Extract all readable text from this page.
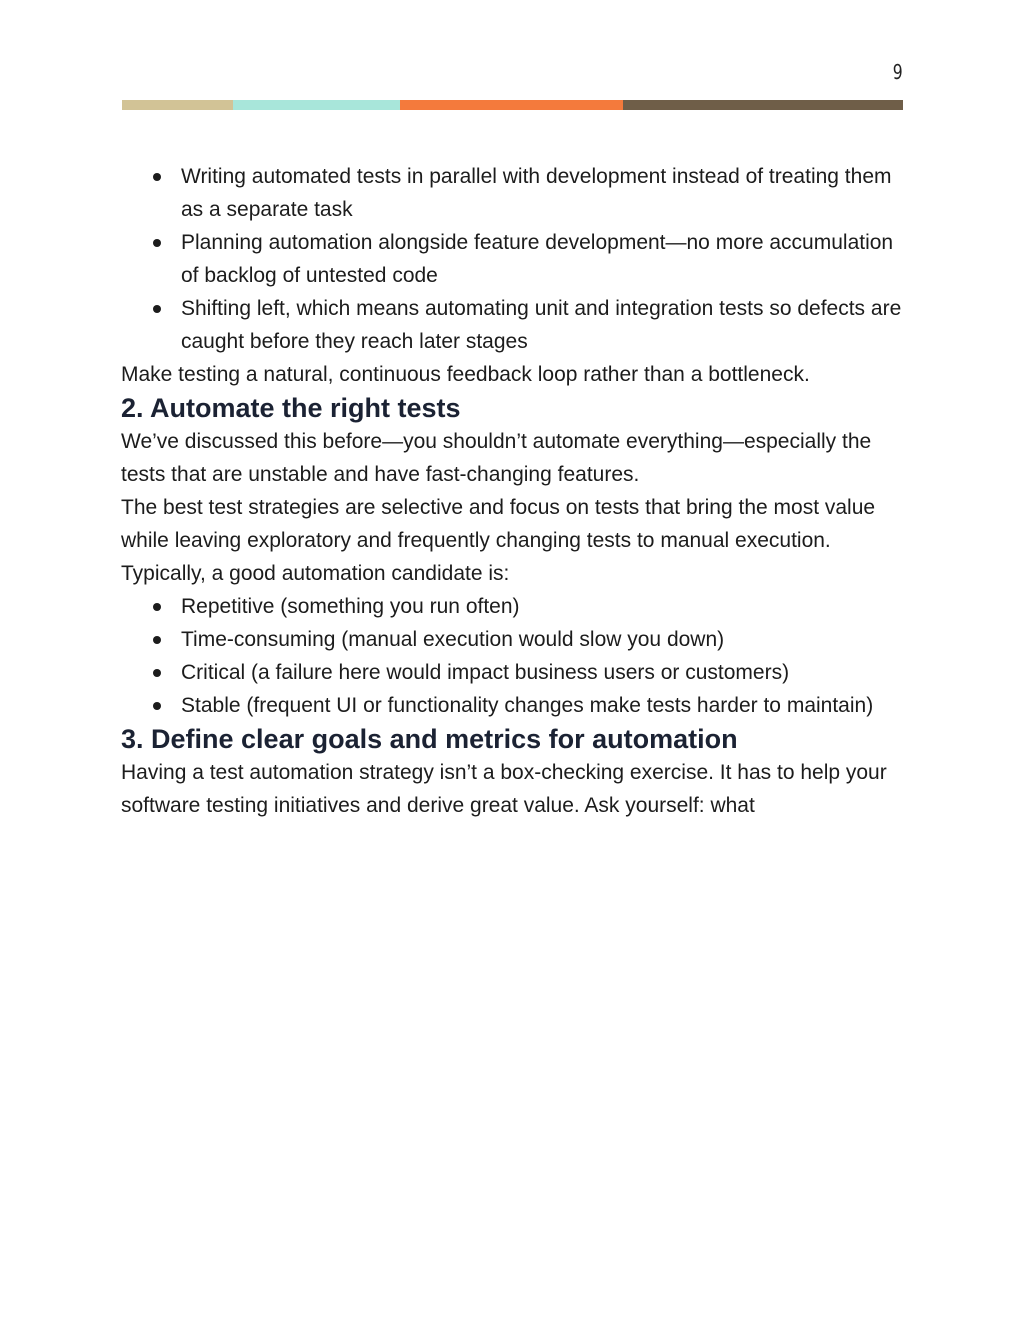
9
Writing automated tests in parallel with development instead of treating them as a separate task
Planning automation alongside feature development—no more accumulation of backlog of untested code
Shifting left, which means automating unit and integration tests so defects are caught before they reach later stages

Make testing a natural, continuous feedback loop rather than a bottleneck.

2. Automate the right tests

We’ve discussed this before—you shouldn’t automate everything—especially the tests that are unstable and have fast-changing features.

The best test strategies are selective and focus on tests that bring the most value while leaving exploratory and frequently changing tests to manual execution.

Typically, a good automation candidate is:

Repetitive (something you run often)
Time-consuming (manual execution would slow you down)
Critical (a failure here would impact business users or customers)
Stable (frequent UI or functionality changes make tests harder to maintain)
3. Define clear goals and metrics for automation

Having a test automation strategy isn’t a box-checking exercise. It has to help your software testing initiatives and derive great value. Ask yourself: what
